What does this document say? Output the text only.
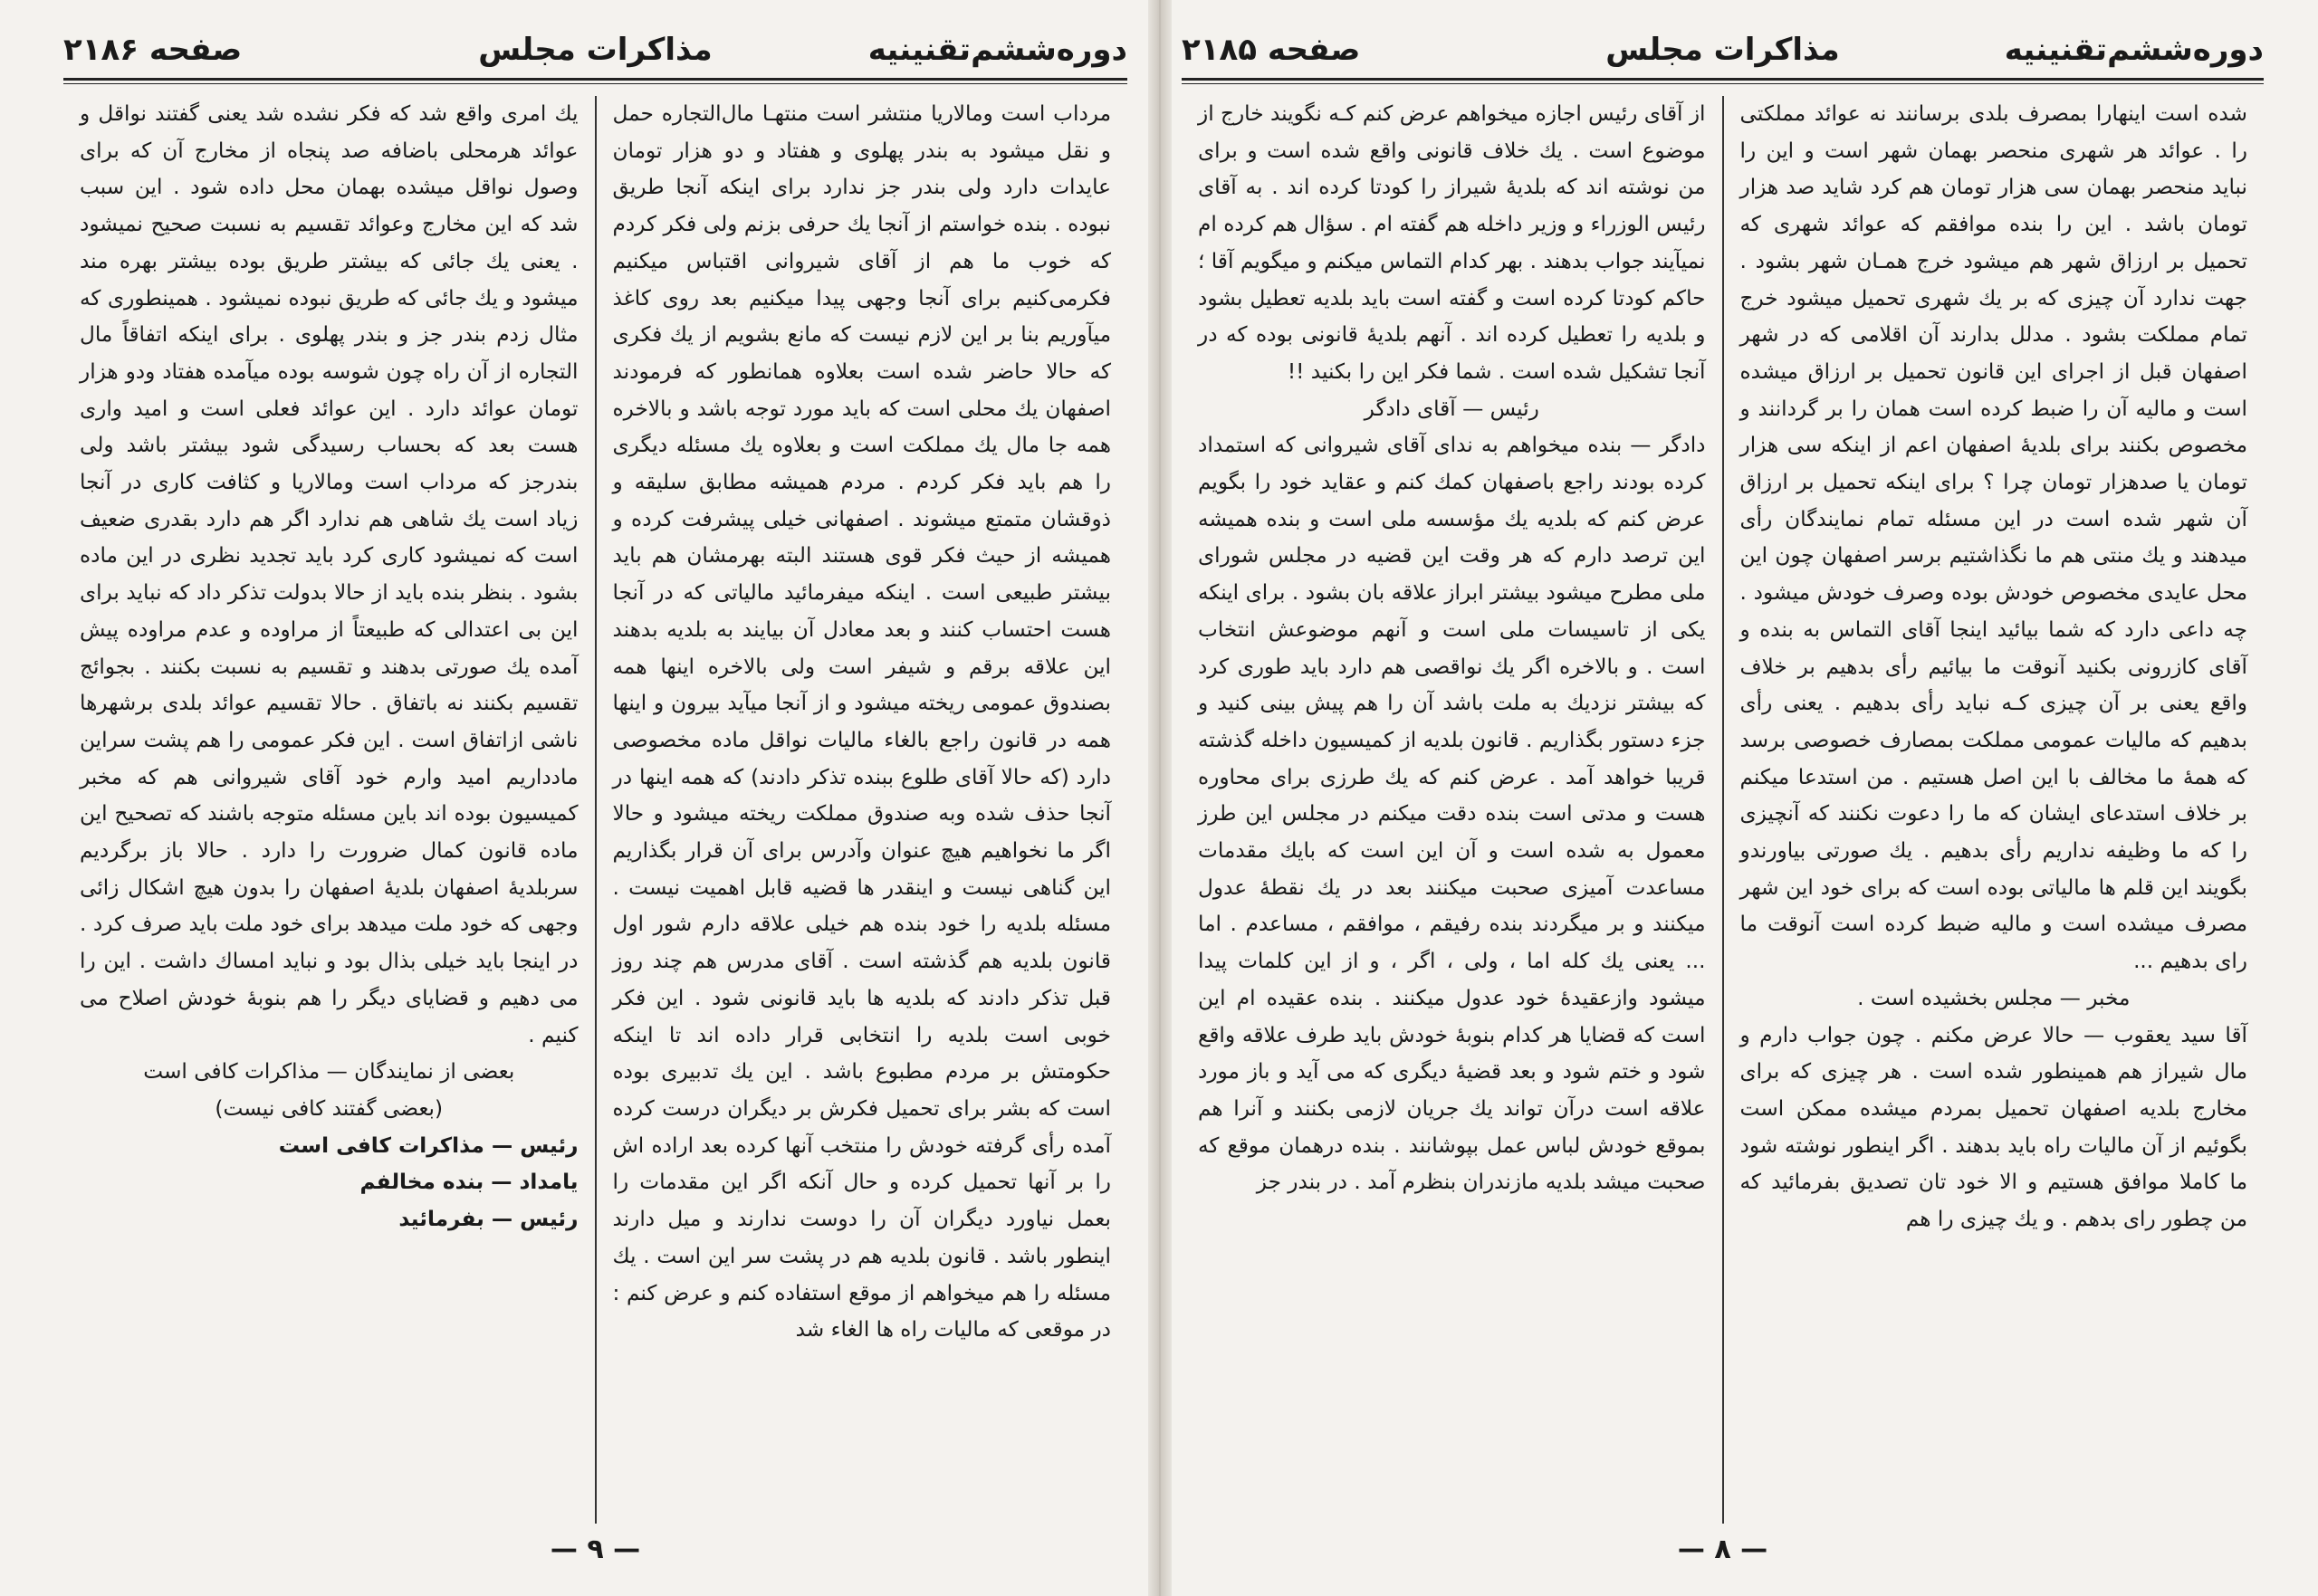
دوره‌ششم‌تقنینیه
مذاکرات مجلس
صفحه ۲۱۸۶

مرداب است ومالاریا منتشر است منتهـا مال‌التجاره حمل و نقل میشود به بندر پهلوی و هفتاد و دو هزار تومان عایدات دارد ولی بندر جز ندارد برای اینکه آنجا طریق نبوده . بنده خواستم از آنجا یك حرفی بزنم ولی فکر کردم که خوب ما هم از آقای شیروانی اقتباس میکنیم فکرمی‌کنیم برای آنجا وجهی پیدا میکنیم بعد روی کاغذ میآوریم بنا بر این لازم نیست که مانع بشویم از یك فکری که حالا حاضر شده است بعلاوه همانطور که فرمودند اصفهان یك محلی است که باید مورد توجه باشد و بالاخره همه جا مال یك مملکت است و بعلاوه یك مسئله دیگری را هم باید فکر کردم . مردم همیشه مطابق سلیقه و ذوقشان متمتع میشوند . اصفهانی خیلی پیشرفت کرده و همیشه از حیث فکر قوی هستند البته بهرمشان هم باید بیشتر طبیعی است . اینکه میفرمائید مالیاتی که در آنجا هست احتساب کنند و بعد معادل آن بیایند به بلدیه بدهند این علاقه برقم و شیفر است ولی بالاخره اینها همه بصندوق عمومی ریخته میشود و از آنجا میآید بیرون و اینها همه در قانون راجع بالغاء مالیات نواقل ماده مخصوصی دارد (که حالا آقای طلوع ببنده تذکر دادند) که همه اینها در آنجا حذف شده وبه صندوق مملکت ریخته میشود و حالا اگر ما نخواهیم هیچ عنوان وآدرس برای آن قرار بگذاریم این گناهی نیست و اینقدر ها قضیه قابل اهمیت نیست . مسئله بلدیه را خود بنده هم خیلی علاقه دارم شور اول قانون بلدیه هم گذشته است . آقای مدرس هم چند روز قبل تذکر دادند که بلدیه ها باید قانونی شود . این فکر خوبی است بلدیه را انتخابی قرار داده اند تا اینکه حکومتش بر مردم مطبوع باشد . این یك تدبیری بوده است که بشر برای تحمیل فکرش بر دیگران درست کرده آمده رأی گرفته خودش را منتخب آنها کرده بعد اراده اش را بر آنها تحمیل کرده و حال آنکه اگر این مقدمات را بعمل نیاورد دیگران آن را دوست ندارند و میل دارند اینطور باشد . قانون بلدیه هم در پشت سر این است . یك مسئله را هم میخواهم از موقع استفاده کنم و عرض کنم : در موقعی که مالیات راه ها الغاء شد

یك امری واقع شد که فکر نشده شد یعنی گفتند نواقل و عوائد هرمحلی باضافه صد پنجاه از مخارج آن که برای وصول نواقل میشده بهمان محل داده شود . این سبب شد که این مخارج وعوائد تقسیم به نسبت صحیح نمیشود . یعنی یك جائی که بیشتر طریق بوده بیشتر بهره مند میشود و یك جائی که طریق نبوده نمیشود . همینطوری که مثال زدم بندر جز و بندر پهلوی . برای اینکه اتفاقاً مال التجاره از آن راه چون شوسه بوده میآمده هفتاد ودو هزار تومان عوائد دارد . این عوائد فعلی است و امید واری هست بعد که بحساب رسیدگی شود بیشتر باشد ولی بندرجز که مرداب است ومالاریا و کثافت کاری در آنجا زیاد است یك شاهی هم ندارد اگر هم دارد بقدری ضعیف است که نمیشود کاری کرد باید تجدید نظری در این ماده بشود . بنظر بنده باید از حالا بدولت تذکر داد که نباید برای این بی اعتدالی که طبیعتاً از مراوده و عدم مراوده پیش آمده یك صورتی بدهند و تقسیم به نسبت بکنند . بجوائج تقسیم بکنند نه باتفاق . حالا تقسیم عوائد بلدی برشهرها ناشی ازاتفاق است . این فکر عمومی را هم پشت سراین مادداریم امید وارم خود آقای شیروانی هم که مخبر کمیسیون بوده اند باین مسئله متوجه باشند که تصحیح این ماده قانون کمال ضرورت را دارد . حالا باز برگردیم سربلدیهٔ اصفهان بلدیهٔ اصفهان را بدون هیچ اشکال زائی وجهی که خود ملت میدهد برای خود ملت باید صرف کرد . در اینجا باید خیلی بذال بود و نباید امساك داشت . این را می دهیم و قضایای دیگر را هم بنوبهٔ خودش اصلاح می کنیم .

بعضی از نمایندگان — مذاکرات کافی است

(بعضی گفتند کافی نیست)

رئیس — مذاکرات کافی است

یامداد — بنده مخالفم

رئیس — بفرمائید

— ۹ —
دوره‌ششم‌تقنینیه
مذاکرات مجلس
صفحه ۲۱۸۵

شده است اینهارا بمصرف بلدی برسانند نه عوائد مملکتی را . عوائد هر شهری منحصر بهمان شهر است و این را نباید منحصر بهمان سی هزار تومان هم کرد شاید صد هزار تومان باشد . این را بنده موافقم که عوائد شهری که تحمیل بر ارزاق شهر هم میشود خرج همـان شهر بشود . جهت ندارد آن چیزی که بر یك شهری تحمیل میشود خرج تمام مملکت بشود . مدلل بدارند آن اقلامی که در شهر اصفهان قبل از اجرای این قانون تحمیل بر ارزاق میشده است و مالیه آن را ضبط کرده است همان را بر گردانند و مخصوص بکنند برای بلدیهٔ اصفهان اعم از اینکه سی هزار تومان یا صدهزار تومان چرا ؟ برای اینکه تحمیل بر ارزاق آن شهر شده است در این مسئله تمام نمایندگان رأی میدهند و یك منتی هم ما نگذاشتیم برسر اصفهان چون این محل عایدی مخصوص خودش بوده وصرف خودش میشود . چه داعی دارد که شما بیائید اینجا آقای التماس به بنده و آقای کازرونی بکنید آنوقت ما بیائیم رأی بدهیم بر خلاف واقع یعنی بر آن چیزی کـه نباید رأی بدهیم . یعنی رأی بدهیم که مالیات عمومی مملکت بمصارف خصوصی برسد که همهٔ ما مخالف با این اصل هستیم . من استدعا میکنم بر خلاف استدعای ایشان که ما را دعوت نکنند که آنچیزی را که ما وظیفه نداریم رأی بدهیم . یك صورتی بیاورندو بگویند این قلم ها مالیاتی بوده است که برای خود این شهر مصرف میشده است و مالیه ضبط کرده است آنوقت ما رای بدهیم ...

مخبر — مجلس بخشیده است .

آقا سید یعقوب — حالا عرض مکنم . چون جواب دارم و مال شیراز هم همینطور شده است . هر چیزی که برای مخارج بلدیه اصفهان تحمیل بمردم میشده ممکن است بگوئیم از آن مالیات راه باید بدهند . اگر اینطور نوشته شود ما کاملا موافق هستیم و الا خود تان تصدیق بفرمائید که من چطور رای بدهم . و یك چیزی را هم

از آقای رئیس اجازه میخواهم عرض کنم کـه نگویند خارج از موضوع است . یك خلاف قانونی واقع شده است و برای من نوشته اند که بلدیهٔ شیراز را کودتا کرده اند . به آقای رئیس الوزراء و وزیر داخله هم گفته ام . سؤال هم کرده ام نمیآیند جواب بدهند . بهر کدام التماس میکنم و میگویم آقا ؛ حاکم کودتا کرده است و گفته است باید بلدیه تعطیل بشود و بلدیه را تعطیل کرده اند . آنهم بلدیهٔ قانونی بوده که در آنجا تشکیل شده است . شما فکر این را بکنید !!

رئیس — آقای دادگر

دادگر — بنده میخواهم به ندای آقای شیروانی که استمداد کرده بودند راجع باصفهان کمك کنم و عقاید خود را بگویم عرض کنم که بلدیه یك مؤسسه ملی است و بنده همیشه این ترصد دارم که هر وقت این قضیه در مجلس شورای ملی مطرح میشود بیشتر ابراز علاقه بان بشود . برای اینکه یکی از تاسیسات ملی است و آنهم موضوعش انتخاب است . و بالاخره اگر یك نواقصی هم دارد باید طوری کرد که بیشتر نزدیك به ملت باشد آن را هم پیش بینی کنید و جزء دستور بگذاریم . قانون بلدیه از کمیسیون داخله گذشته قریبا خواهد آمد . عرض کنم که یك طرزی برای محاوره هست و مدتی‌ است بنده دقت میکنم در مجلس این طرز معمول به شده است و آن این است که بایك مقدمات مساعدت آمیزی صحبت میکنند بعد در یك نقطهٔ عدول میکنند و بر میگردند بنده رفیقم ، موافقم ، مساعدم . اما ... یعنی یك کله اما ، ولی ، اگر ، و از این کلمات پیدا میشود وازعقیدهٔ خود عدول میکنند . بنده عقیده ام این است که قضایا هر کدام بنوبهٔ خودش باید طرف علاقه واقع شود و ختم شود و بعد قضیهٔ دیگری که می آید و باز مورد علاقه است درآن تواند یك جریان لازمی بکنند و آنرا هم بموقع خودش لباس عمل بپوشانند . بنده درهمان موقع که صحبت میشد بلدیه مازندران بنظرم آمد . در بندر جز

— ۸ —
